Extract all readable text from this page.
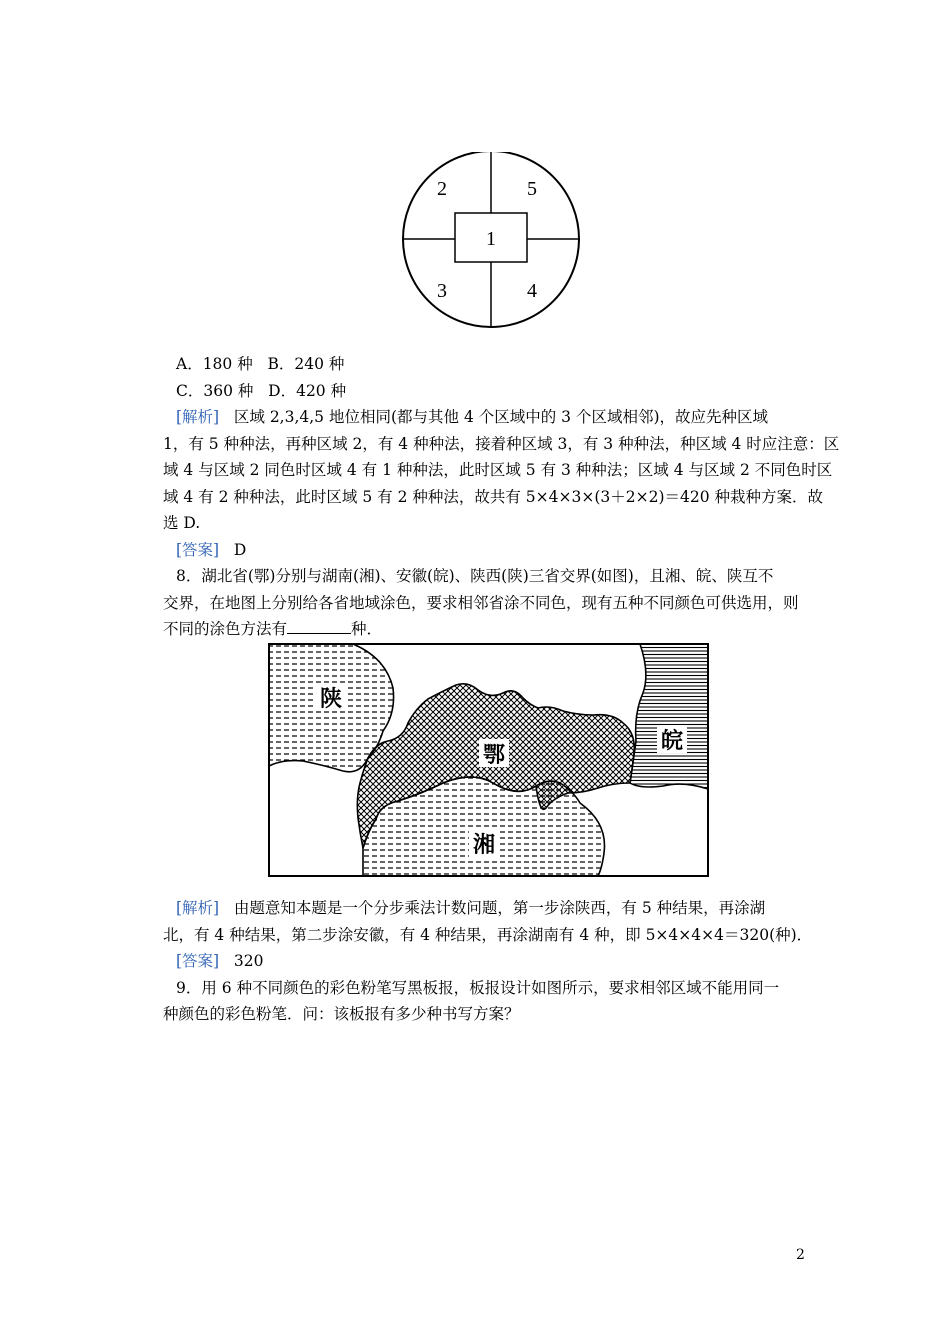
1
2
3	4
5
A．180 种 B．240 种
C．360 种 D．420 种
[解析] 区域 2,3,4,5 地位相同(都与其他 4 个区域中的 3 个区域相邻)，故应先种区域
1，有 5 种种法，再种区域 2，有 4 种种法，接着种区域 3，有 3 种种法，种区域 4 时应注意：区
域 4 与区域 2 同色时区域 4 有 1 种种法，此时区域 5 有 3 种种法；区域 4 与区域 2 不同色时区
域 4 有 2 种种法，此时区域 5 有 2 种种法，故共有 5×4×3×(3＋2×2)＝420 种栽种方案．故
选 D.
[答案] D
8．湖北省(鄂)分别与湖南(湘)、安徽(皖)、陕西(陕)三省交界(如图)，且湘、皖、陕互不
交界，在地图上分别给各省地域涂色，要求相邻省涂不同色，现有五种不同颜色可供选用，则
不同的涂色方法有	种．
陕
鄂
皖
湘
[解析] 由题意知本题是一个分步乘法计数问题，第一步涂陕西，有 5 种结果，再涂湖
北，有 4 种结果，第二步涂安徽，有 4 种结果，再涂湖南有 4 种，即 5×4×4×4＝320(种)．
[答案] 320
9．用 6 种不同颜色的彩色粉笔写黑板报，板报设计如图所示，要求相邻区域不能用同一
种颜色的彩色粉笔．问：该板报有多少种书写方案？
2
